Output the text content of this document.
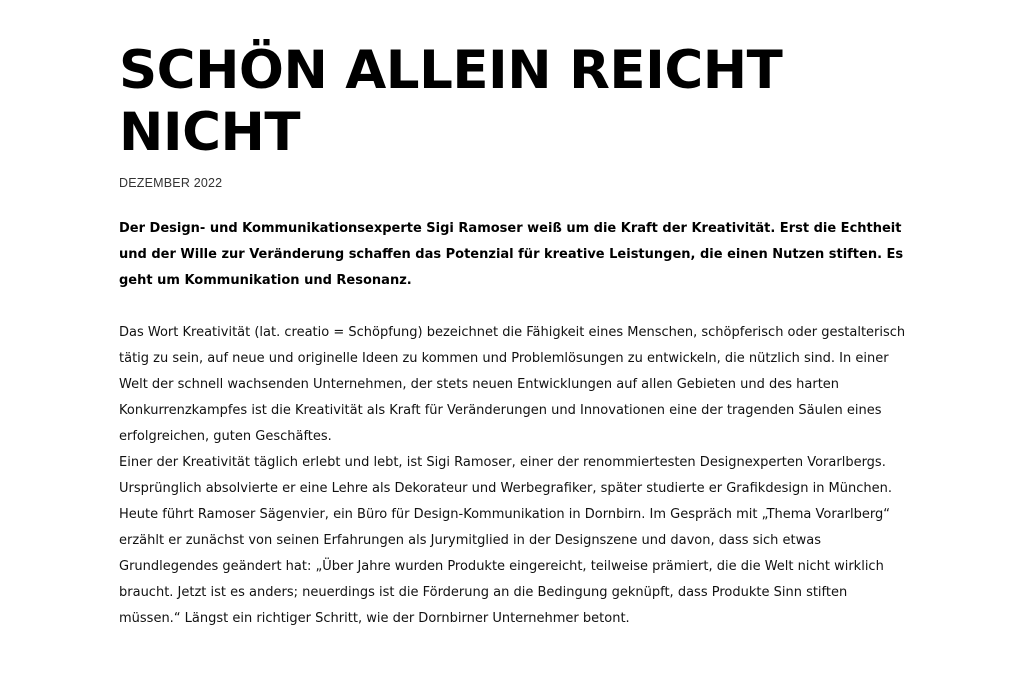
SCHÖN ALLEIN REICHT NICHT
DEZEMBER 2022
Der Design- und Kommunikationsexperte Sigi Ramoser weiß um die Kraft der Kreativität. Erst die Echtheit und der Wille zur Veränderung schaffen das Potenzial für kreative Leistungen, die einen Nutzen stiften. Es geht um Kommunikation und Resonanz.

Das Wort Kreativität (lat. creatio = Schöpfung) bezeichnet die Fähigkeit eines Menschen, schöpferisch oder gestalterisch tätig zu sein, auf neue und originelle Ideen zu kommen und Problemlösungen zu entwickeln, die nützlich sind. In einer Welt der schnell wachsenden Unternehmen, der stets neuen Entwicklungen auf allen Gebieten und des harten Konkurrenzkampfes ist die Kreativität als Kraft für Veränderungen und Innovationen eine der tragenden Säulen eines erfolgreichen, guten Geschäftes.

Einer der Kreativität täglich erlebt und lebt, ist Sigi Ramoser, einer der renommiertesten Designexperten Vorarlbergs. Ursprünglich absolvierte er eine Lehre als Dekorateur und Werbegrafiker, später studierte er Grafikdesign in München. Heute führt Ramoser Sägenvier, ein Büro für Design-Kommunikation in Dornbirn. Im Gespräch mit „Thema Vorarlberg“ erzählt er zunächst von seinen Erfahrungen als Jurymitglied in der Designszene und davon, dass sich etwas Grundlegendes geändert hat: „Über Jahre wurden Produkte eingereicht, teilweise prämiert, die die Welt nicht wirklich braucht. Jetzt ist es anders; neuerdings ist die Förderung an die Bedingung geknüpft, dass Produkte Sinn stiften müssen.“ Längst ein richtiger Schritt, wie der Dornbirner Unternehmer betont.
